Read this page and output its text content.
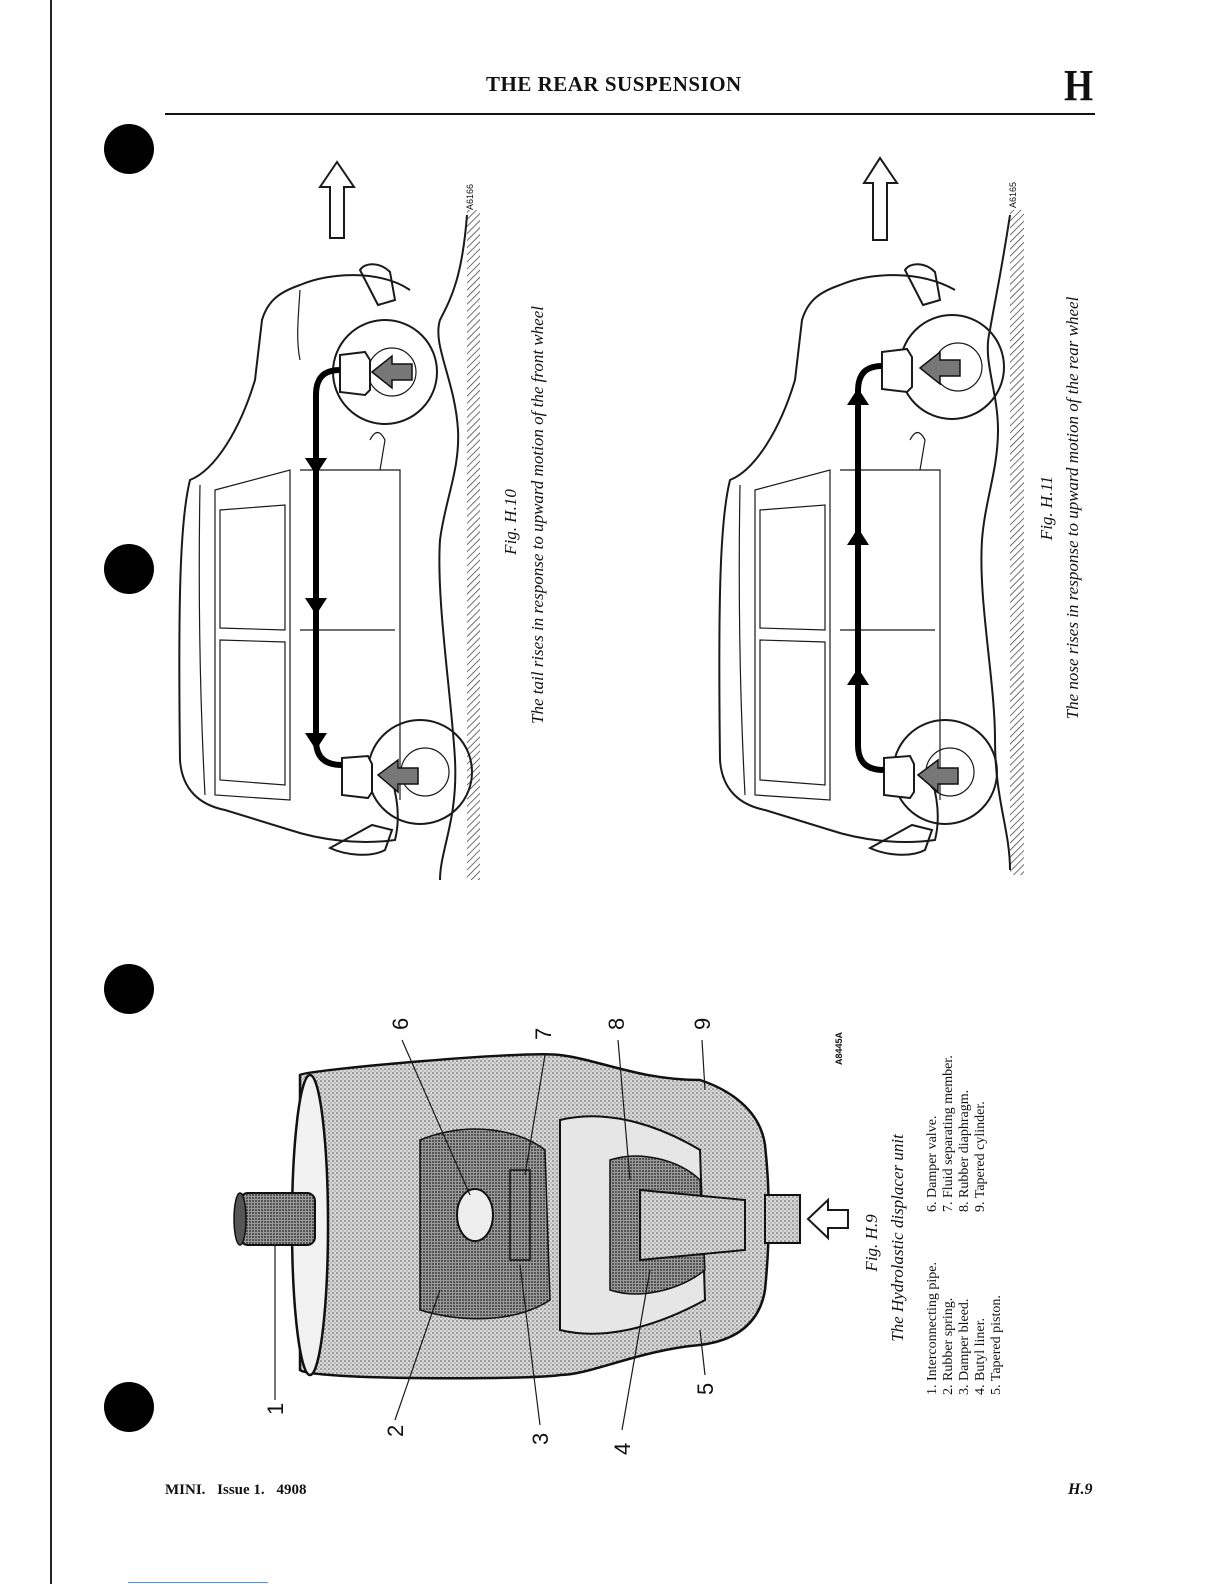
THE REAR SUSPENSION	H
A6166
Fig. H.10 The tail rises in response to upward motion of the front wheel
A6165
Fig. H.11 The nose rises in response to upward motion of the rear wheel
1
2
3
4
5
6
7
8	9
A8445A
Fig. H.9 The Hydrolastic displacer unit 1. Interconnecting pipe. 2. Rubber spring. 3. Damper bleed. 4. Butyl liner. 5. Tapered piston.
6. Damper valve. 7. Fluid separating member. 8. Rubber diaphragm. 9. Tapered cylinder.
MINI. Issue 1. 4908	H.9
